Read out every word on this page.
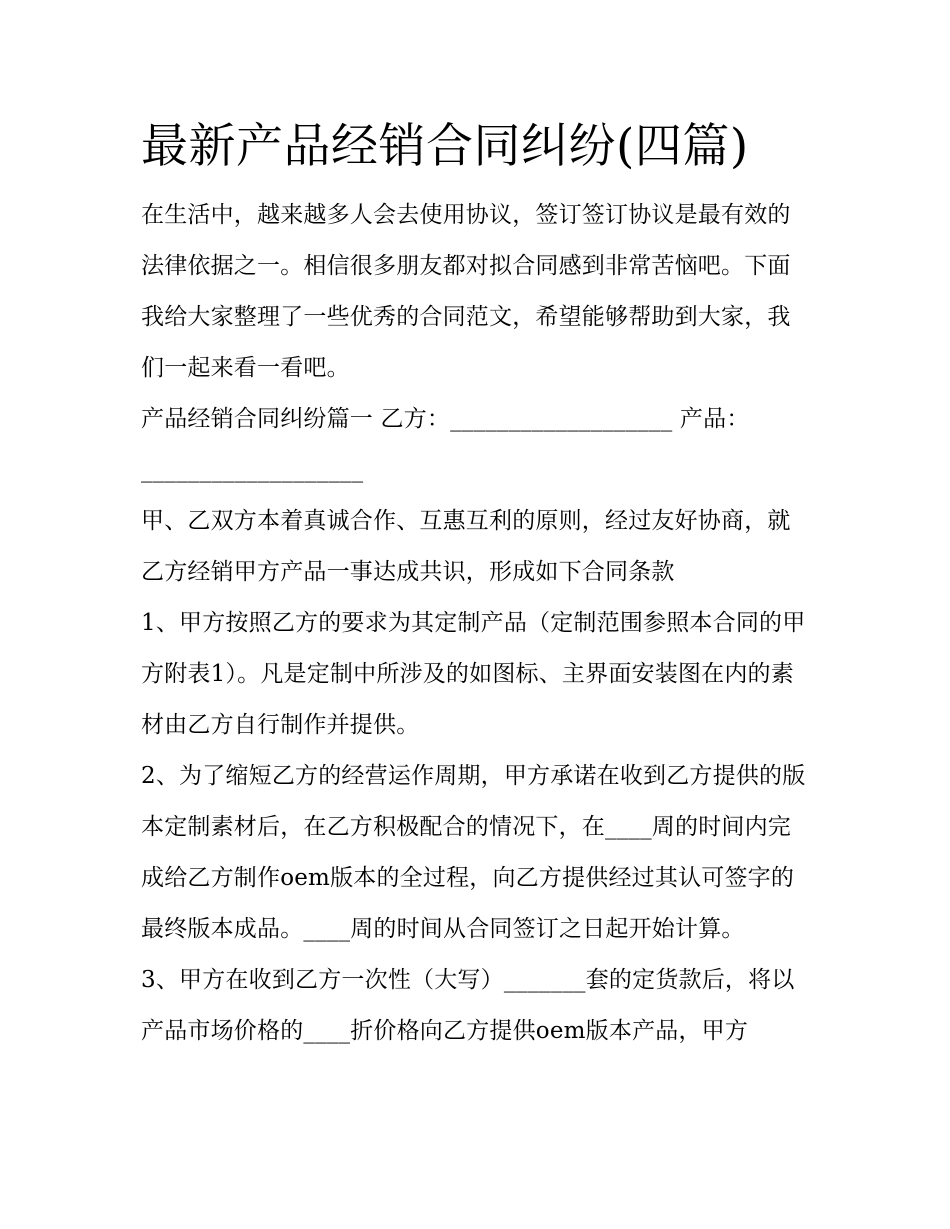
最新产品经销合同纠纷(四篇)

在生活中，越来越多人会去使用协议，签订签订协议是最有效的法律依据之一。相信很多朋友都对拟合同感到非常苦恼吧。下面我给大家整理了一些优秀的合同范文，希望能够帮助到大家，我们一起来看一看吧。

产品经销合同纠纷篇一 乙方：___________________ 产品：___________________

甲、乙双方本着真诚合作、互惠互利的原则，经过友好协商，就乙方经销甲方产品一事达成共识，形成如下合同条款

1、甲方按照乙方的要求为其定制产品（定制范围参照本合同的甲方附表1）。凡是定制中所涉及的如图标、主界面安装图在内的素材由乙方自行制作并提供。

2、为了缩短乙方的经营运作周期，甲方承诺在收到乙方提供的版本定制素材后，在乙方积极配合的情况下，在____周的时间内完成给乙方制作oem版本的全过程，向乙方提供经过其认可签字的最终版本成品。____周的时间从合同签订之日起开始计算。

3、甲方在收到乙方一次性（大写）_______套的定货款后，将以产品市场价格的____折价格向乙方提供oem版本产品，甲方
